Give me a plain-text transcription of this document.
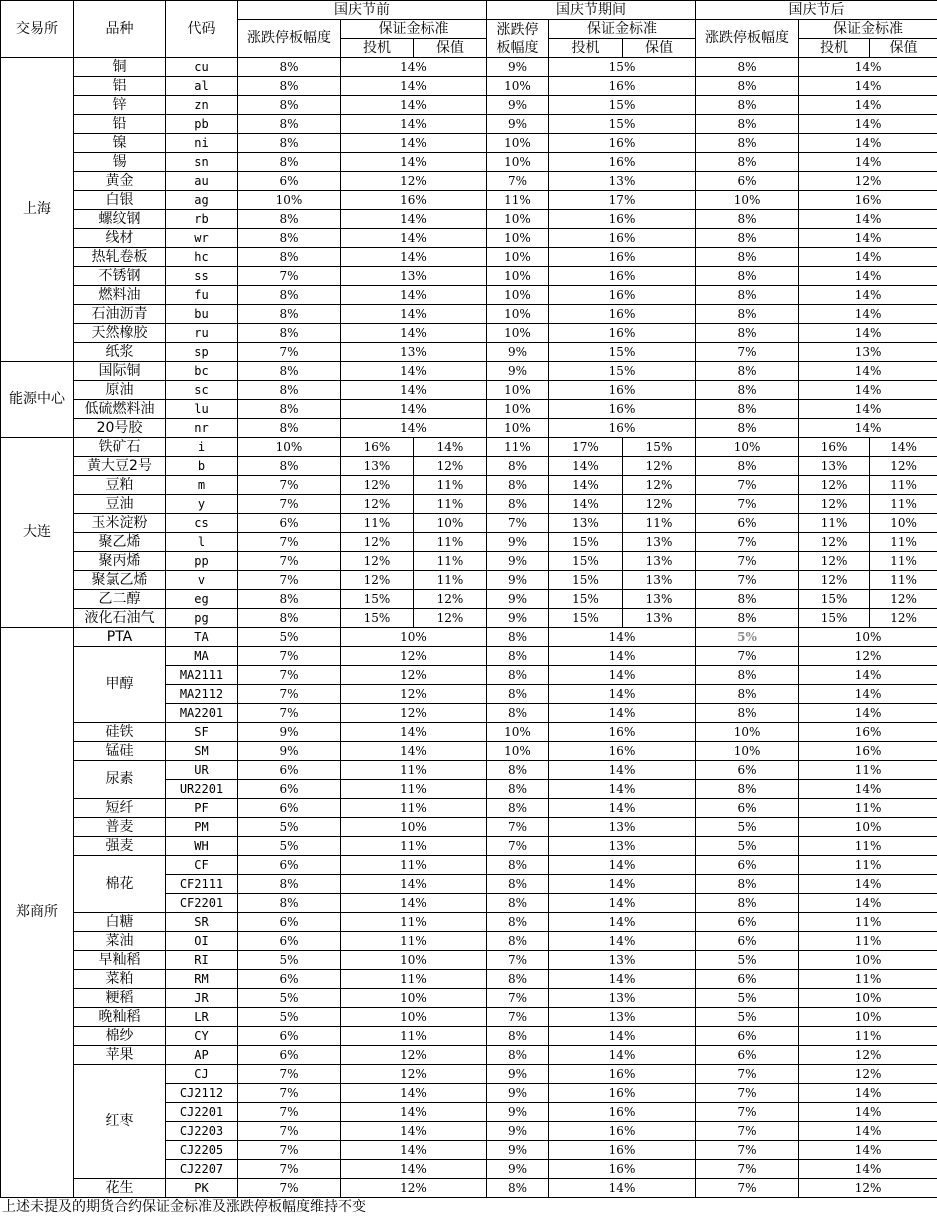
交易所	品种	代码	国庆节前			国庆节期间			国庆节后		
			涨跌停板幅度	保证金标准		涨跌停
板幅度	保证金标准		涨跌停板幅度	保证金标准	
				投机	保值		投机	保值		投机	保值
上海	铜	cu	8%	14%		9%	15%		8%	14%	
	铝	al	8%	14%		10%	16%		8%	14%	
	锌	zn	8%	14%		9%	15%		8%	14%	
	铅	pb	8%	14%		9%	15%		8%	14%	
	镍	ni	8%	14%		10%	16%		8%	14%	
	锡	sn	8%	14%		10%	16%		8%	14%	
	黄金	au	6%	12%		7%	13%		6%	12%	
	白银	ag	10%	16%		11%	17%		10%	16%	
	螺纹钢	rb	8%	14%		10%	16%		8%	14%	
	线材	wr	8%	14%		10%	16%		8%	14%	
	热轧卷板	hc	8%	14%		10%	16%		8%	14%	
	不锈钢	ss	7%	13%		10%	16%		8%	14%	
	燃料油	fu	8%	14%		10%	16%		8%	14%	
	石油沥青	bu	8%	14%		10%	16%		8%	14%	
	天然橡胶	ru	8%	14%		10%	16%		8%	14%	
	纸浆	sp	7%	13%		9%	15%		7%	13%	
能源中心	国际铜	bc	8%	14%		9%	15%		8%	14%	
	原油	sc	8%	14%		10%	16%		8%	14%	
	低硫燃料油	lu	8%	14%		10%	16%		8%	14%	
	20号胶	nr	8%	14%		10%	16%		8%	14%	
大连	铁矿石	i	10%	16%	14%	11%	17%	15%	10%	16%	14%
	黄大豆2号	b	8%	13%	12%	8%	14%	12%	8%	13%	12%
	豆粕	m	7%	12%	11%	8%	14%	12%	7%	12%	11%
	豆油	y	7%	12%	11%	8%	14%	12%	7%	12%	11%
	玉米淀粉	cs	6%	11%	10%	7%	13%	11%	6%	11%	10%
	聚乙烯	l	7%	12%	11%	9%	15%	13%	7%	12%	11%
	聚丙烯	pp	7%	12%	11%	9%	15%	13%	7%	12%	11%
	聚氯乙烯	v	7%	12%	11%	9%	15%	13%	7%	12%	11%
	乙二醇	eg	8%	15%	12%	9%	15%	13%	8%	15%	12%
	液化石油气	pg	8%	15%	12%	9%	15%	13%	8%	15%	12%
郑商所	PTA	TA	5%	10%		8%	14%		5%	10%	
	甲醇	MA	7%	12%		8%	14%		7%	12%	
		MA2111	7%	12%		8%	14%		8%	14%	
		MA2112	7%	12%		8%	14%		8%	14%	
		MA2201	7%	12%		8%	14%		8%	14%	
	硅铁	SF	9%	14%		10%	16%		10%	16%	
	锰硅	SM	9%	14%		10%	16%		10%	16%	
	尿素	UR	6%	11%		8%	14%		6%	11%	
		UR2201	6%	11%		8%	14%		8%	14%	
	短纤	PF	6%	11%		8%	14%		6%	11%	
	普麦	PM	5%	10%		7%	13%		5%	10%	
	强麦	WH	5%	11%		7%	13%		5%	11%	
	棉花	CF	6%	11%		8%	14%		6%	11%	
		CF2111	8%	14%		8%	14%		8%	14%	
		CF2201	8%	14%		8%	14%		8%	14%	
	白糖	SR	6%	11%		8%	14%		6%	11%	
	菜油	OI	6%	11%		8%	14%		6%	11%	
	早籼稻	RI	5%	10%		7%	13%		5%	10%	
	菜粕	RM	6%	11%		8%	14%		6%	11%	
	粳稻	JR	5%	10%		7%	13%		5%	10%	
	晚籼稻	LR	5%	10%		7%	13%		5%	10%	
	棉纱	CY	6%	11%		8%	14%		6%	11%	
	苹果	AP	6%	12%		8%	14%		6%	12%	
	红枣	CJ	7%	12%		9%	16%		7%	12%	
		CJ2112	7%	14%		9%	16%		7%	14%	
		CJ2201	7%	14%		9%	16%		7%	14%	
		CJ2203	7%	14%		9%	16%		7%	14%	
		CJ2205	7%	14%		9%	16%		7%	14%	
		CJ2207	7%	14%		9%	16%		7%	14%	
	花生	PK	7%	12%		8%	14%		7%	12%	
上述未提及的期货合约保证金标准及涨跌停板幅度维持不变
